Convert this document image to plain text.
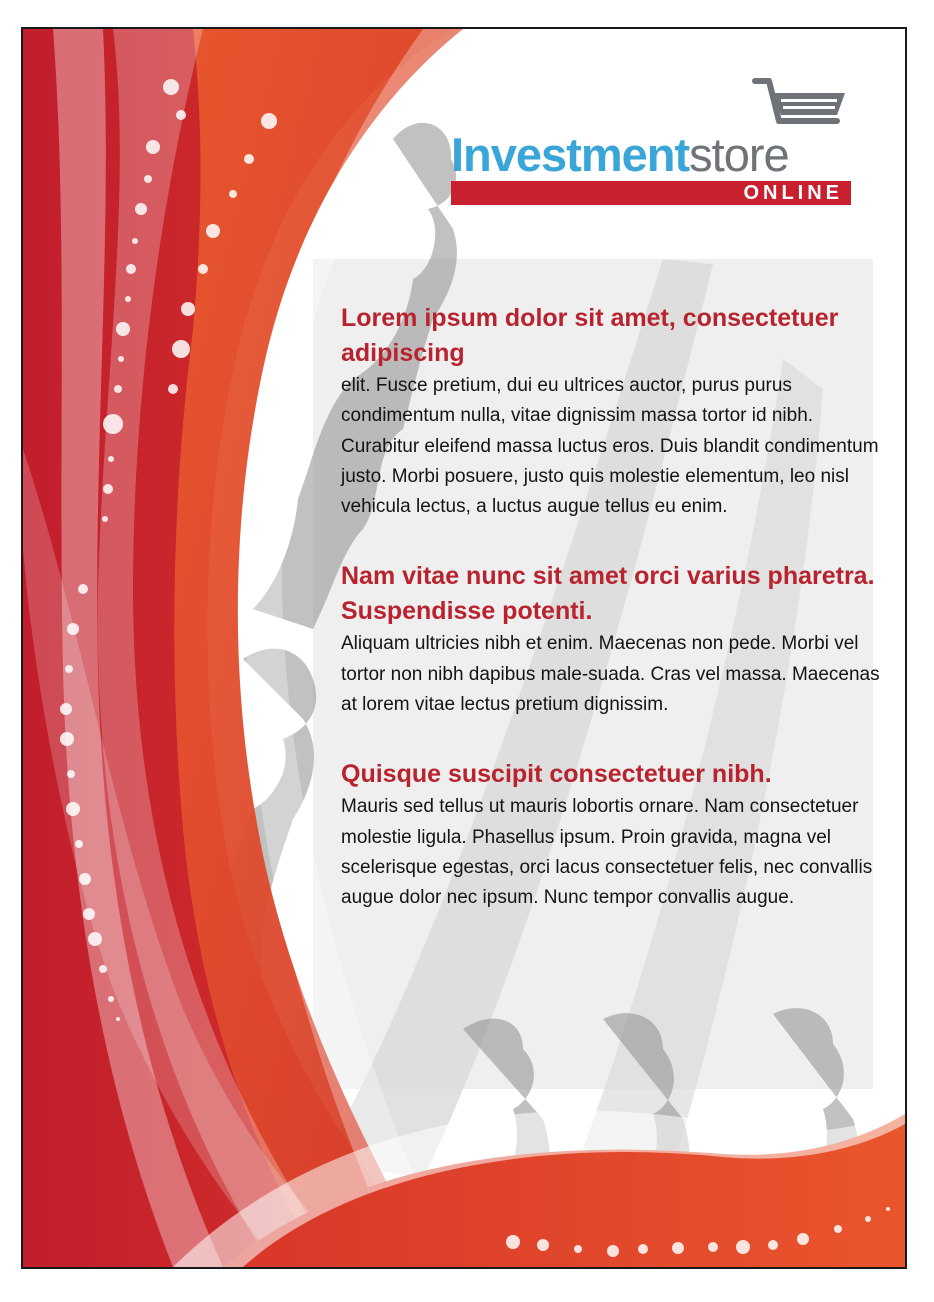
Investmentstore
ONLINE
Lorem ipsum dolor sit amet, consectetuer adipiscing

elit. Fusce pretium, dui eu ultrices auctor, purus purus condimentum nulla, vitae dignissim massa tortor id nibh. Curabitur eleifend massa luctus eros. Duis blandit condimentum justo. Morbi posuere, justo quis molestie elementum, leo nisl vehicula lectus, a luctus augue tellus eu enim.

Nam vitae nunc sit amet orci varius pharetra. Suspendisse potenti.

Aliquam ultricies nibh et enim. Maecenas non pede. Morbi vel tortor non nibh dapibus male-suada. Cras vel massa. Maecenas at lorem vitae lectus pretium dignissim.

Quisque suscipit consectetuer nibh.

Mauris sed tellus ut mauris lobortis ornare. Nam consectetuer molestie ligula. Phasellus ipsum. Proin gravida, magna vel scelerisque egestas, orci lacus consectetuer felis, nec convallis augue dolor nec ipsum. Nunc tempor convallis augue.
